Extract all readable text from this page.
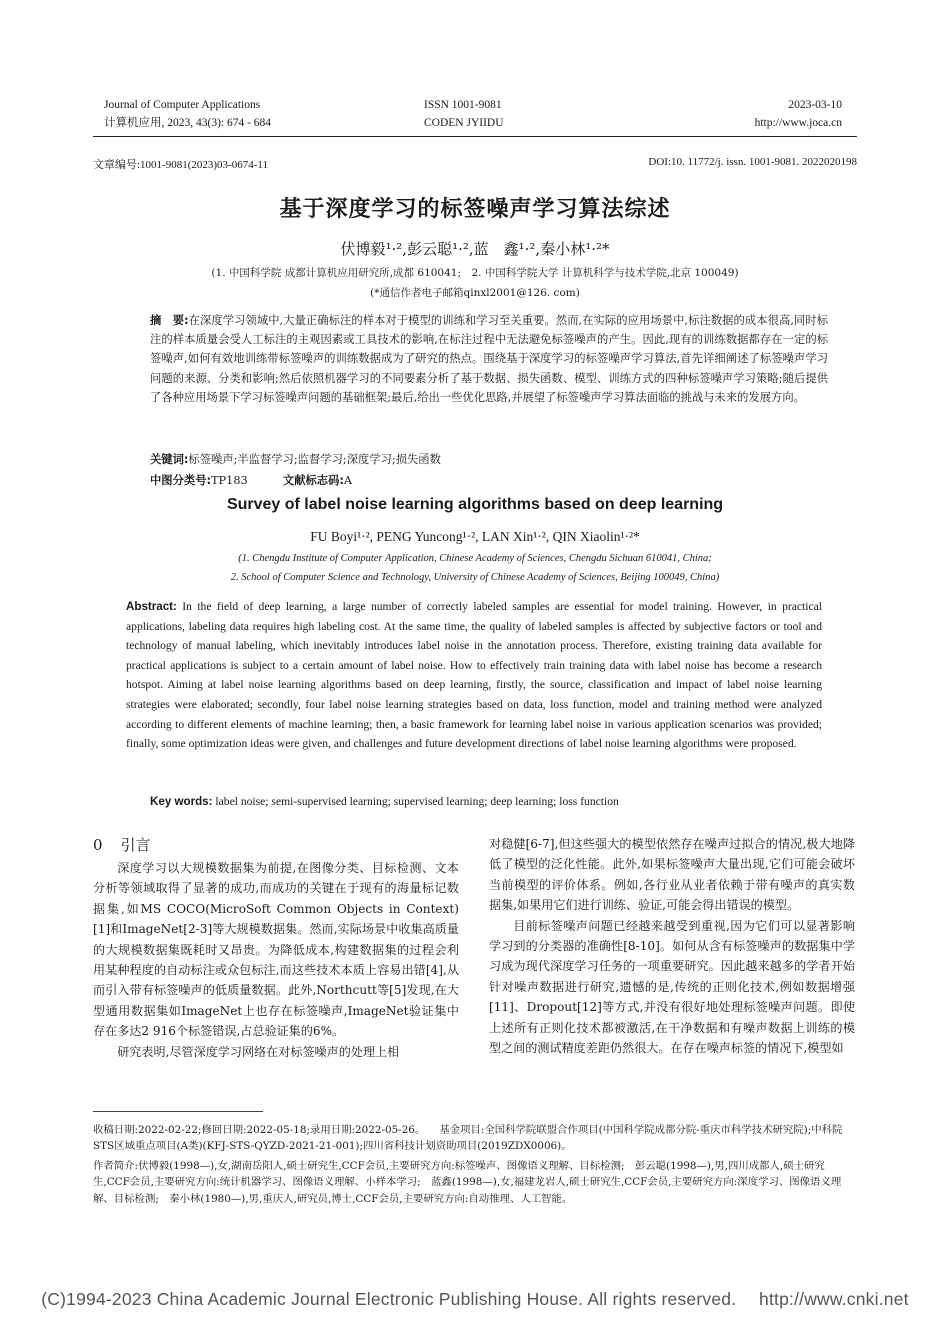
Journal of Computer Applications
计算机应用, 2023, 43(3): 674 - 684
ISSN 1001-9081
CODEN JYIIDU
2023-03-10
http://www.joca.cn
文章编号:1001-9081(2023)03-0674-11	DOI:10. 11772/j. issn. 1001-9081. 2022020198
基于深度学习的标签噪声学习算法综述
伏博毅¹·²,彭云聪¹·²,蓝　鑫¹·²,秦小林¹·²*
(1. 中国科学院 成都计算机应用研究所,成都 610041;　2. 中国科学院大学 计算机科学与技术学院,北京 100049)
(*通信作者电子邮箱qinxl2001@126. com)
摘　要:在深度学习领域中,大量正确标注的样本对于模型的训练和学习至关重要。然而,在实际的应用场景中,标注数据的成本很高,同时标注的样本质量会受人工标注的主观因素或工具技术的影响,在标注过程中无法避免标签噪声的产生。因此,现有的训练数据都存在一定的标签噪声,如何有效地训练带标签噪声的训练数据成为了研究的热点。围绕基于深度学习的标签噪声学习算法,首先详细阐述了标签噪声学习问题的来源、分类和影响;然后依照机器学习的不同要素分析了基于数据、损失函数、模型、训练方式的四种标签噪声学习策略;随后提供了各种应用场景下学习标签噪声问题的基础框架;最后,给出一些优化思路,并展望了标签噪声学习算法面临的挑战与未来的发展方向。
关键词:标签噪声;半监督学习;监督学习;深度学习;损失函数
中图分类号:TP183	文献标志码:A
Survey of label noise learning algorithms based on deep learning
FU Boyi¹·², PENG Yuncong¹·², LAN Xin¹·², QIN Xiaolin¹·²*
(1. Chengdu Institute of Computer Application, Chinese Academy of Sciences, Chengdu Sichuan 610041, China;
2. School of Computer Science and Technology, University of Chinese Academy of Sciences, Beijing 100049, China)
Abstract: In the field of deep learning, a large number of correctly labeled samples are essential for model training. However, in practical applications, labeling data requires high labeling cost. At the same time, the quality of labeled samples is affected by subjective factors or tool and technology of manual labeling, which inevitably introduces label noise in the annotation process. Therefore, existing training data available for practical applications is subject to a certain amount of label noise. How to effectively train training data with label noise has become a research hotspot. Aiming at label noise learning algorithms based on deep learning, firstly, the source, classification and impact of label noise learning strategies were elaborated; secondly, four label noise learning strategies based on data, loss function, model and training method were analyzed according to different elements of machine learning; then, a basic framework for learning label noise in various application scenarios was provided; finally, some optimization ideas were given, and challenges and future development directions of label noise learning algorithms were proposed.
Key words: label noise; semi-supervised learning; supervised learning; deep learning; loss function
0 引言

深度学习以大规模数据集为前提,在图像分类、目标检测、文本分析等领域取得了显著的成功,而成功的关键在于现有的海量标记数据集,如MS COCO(MicroSoft Common Objects in Context)[1]和ImageNet[2-3]等大规模数据集。然而,实际场景中收集高质量的大规模数据集既耗时又昂贵。为降低成本,构建数据集的过程会利用某种程度的自动标注或众包标注,而这些技术本质上容易出错[4],从而引入带有标签噪声的低质量数据。此外,Northcutt等[5]发现,在大型通用数据集如ImageNet上也存在标签噪声,ImageNet验证集中存在多达2 916个标签错误,占总验证集的6%。

研究表明,尽管深度学习网络在对标签噪声的处理上相

对稳健[6-7],但这些强大的模型依然存在噪声过拟合的情况,极大地降低了模型的泛化性能。此外,如果标签噪声大量出现,它们可能会破坏当前模型的评价体系。例如,各行业从业者依赖于带有噪声的真实数据集,如果用它们进行训练、验证,可能会得出错误的模型。

目前标签噪声问题已经越来越受到重视,因为它们可以显著影响学习到的分类器的准确性[8-10]。如何从含有标签噪声的数据集中学习成为现代深度学习任务的一项重要研究。因此越来越多的学者开始针对噪声数据进行研究,遗憾的是,传统的正则化技术,例如数据增强[11]、Dropout[12]等方式,并没有很好地处理标签噪声问题。即使上述所有正则化技术都被激活,在干净数据和有噪声数据上训练的模型之间的测试精度差距仍然很大。在存在噪声标签的情况下,模型如

收稿日期:2022-02-22;修回日期:2022-05-18;录用日期:2022-05-26。 基金项目:全国科学院联盟合作项目(中国科学院成都分院-重庆市科学技术研究院);中科院STS区域重点项目(A类)(KFJ-STS-QYZD-2021-21-001);四川省科技计划资助项目(2019ZDX0006)。
作者简介:伏博毅(1998—),女,湖南岳阳人,硕士研究生,CCF会员,主要研究方向:标签噪声、图像语义理解、目标检测;　彭云聪(1998—),男,四川成都人,硕士研究生,CCF会员,主要研究方向:统计机器学习、图像语义理解、小样本学习;　蓝鑫(1998—),女,福建龙岩人,硕士研究生,CCF会员,主要研究方向:深度学习、图像语义理解、目标检测;　秦小林(1980—),男,重庆人,研究员,博士,CCF会员,主要研究方向:自动推理、人工智能。
(C)1994-2023 China Academic Journal Electronic Publishing House. All rights reserved.　 http://www.cnki.net
